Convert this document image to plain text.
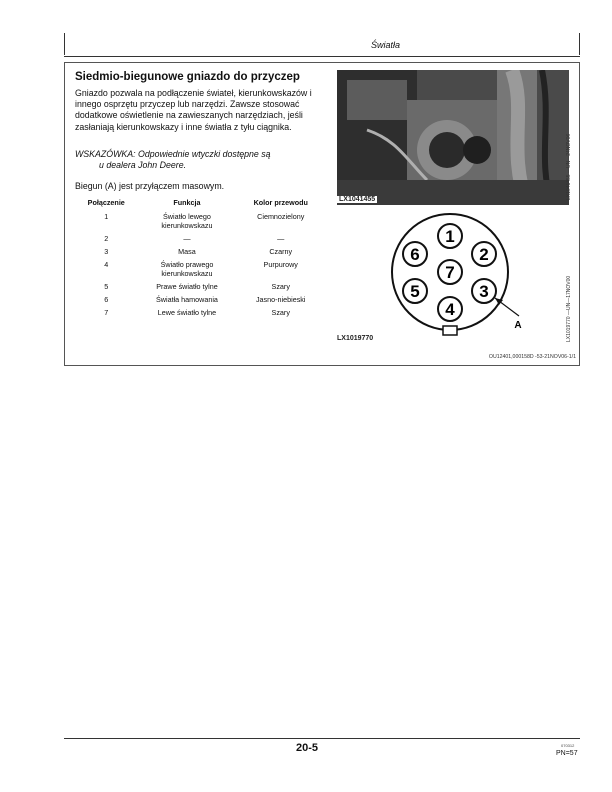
Światła
Siedmio-biegunowe gniazdo do przyczep
Gniazdo pozwala na podłączenie świateł, kierunkowskazów i innego osprzętu przyczep lub narzędzi. Zawsze stosować dodatkowe oświetlenie na zawieszanych narzędziach, jeśli zasłaniają kierunkowskazy i inne światła z tyłu ciągnika.
WSKAZÓWKA: Odpowiednie wtyczki dostępne są
u dealera John Deere.
Biegun (A) jest przyłączem masowym.
Połączenie	Funkcja	Kolor przewodu
1	Światło lewego kierunkowskazu	Ciemnozielony
2	—	—
3	Masa	Czarny
4	Światło prawego kierunkowskazu	Purpurowy
5	Prawe światło tylne	Szary
6	Światła hamowania	Jasno-niebieski
7	Lewe światło tylne	Szary
LX1041455	LX1041455 —UN—24NOV06
1
2
3
4
5
6
7
A
LX1019770	LX1019770 —UN—17NOV00
OU12401,000158D -53-21NOV06-1/1
20-5	070312
PN=57
